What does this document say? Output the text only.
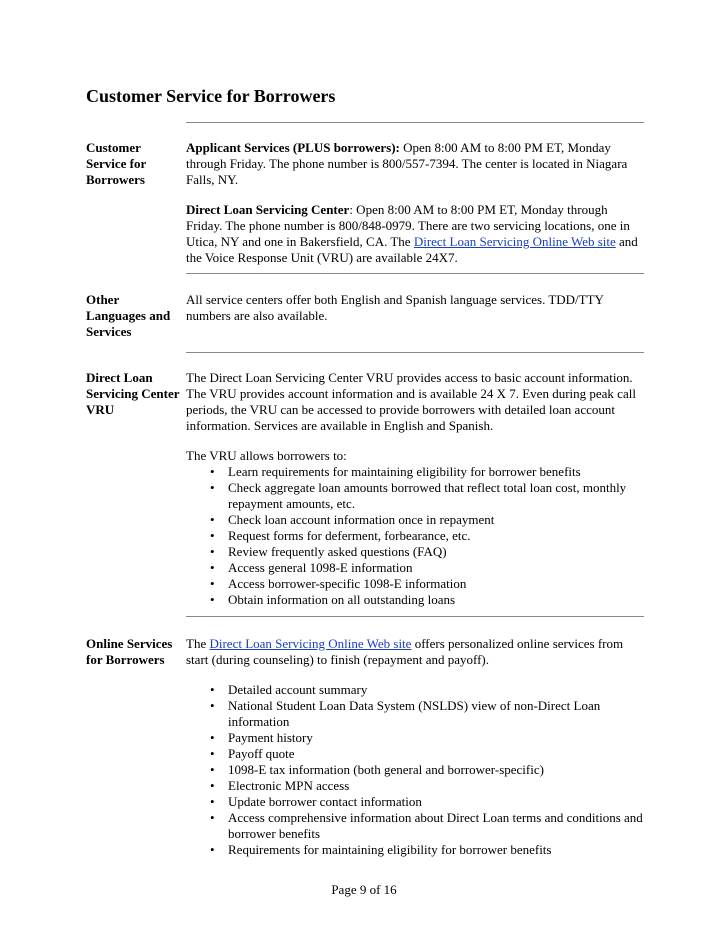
Customer Service for Borrowers
Customer Service for Borrowers

Applicant Services (PLUS borrowers): Open 8:00 AM to 8:00 PM ET, Monday through Friday. The phone number is 800/557-7394. The center is located in Niagara Falls, NY.

Direct Loan Servicing Center: Open 8:00 AM to 8:00 PM ET, Monday through Friday. The phone number is 800/848-0979. There are two servicing locations, one in Utica, NY and one in Bakersfield, CA. The Direct Loan Servicing Online Web site and the Voice Response Unit (VRU) are available 24X7.

Other Languages and Services

All service centers offer both English and Spanish language services. TDD/TTY numbers are also available.

Direct Loan Servicing Center VRU

The Direct Loan Servicing Center VRU provides access to basic account information. The VRU provides account information and is available 24 X 7. Even during peak call periods, the VRU can be accessed to provide borrowers with detailed loan account information. Services are available in English and Spanish.

The VRU allows borrowers to:

• Learn requirements for maintaining eligibility for borrower benefits
• Check aggregate loan amounts borrowed that reflect total loan cost, monthly repayment amounts, etc.
• Check loan account information once in repayment
• Request forms for deferment, forbearance, etc.
• Review frequently asked questions (FAQ)
• Access general 1098-E information
• Access borrower-specific 1098-E information
• Obtain information on all outstanding loans
Online Services for Borrowers

The Direct Loan Servicing Online Web site offers personalized online services from start (during counseling) to finish (repayment and payoff).

• Detailed account summary
• National Student Loan Data System (NSLDS) view of non-Direct Loan information
• Payment history
• Payoff quote
• 1098-E tax information (both general and borrower-specific)
• Electronic MPN access
• Update borrower contact information
• Access comprehensive information about Direct Loan terms and conditions and borrower benefits
• Requirements for maintaining eligibility for borrower benefits
Page 9 of 16
